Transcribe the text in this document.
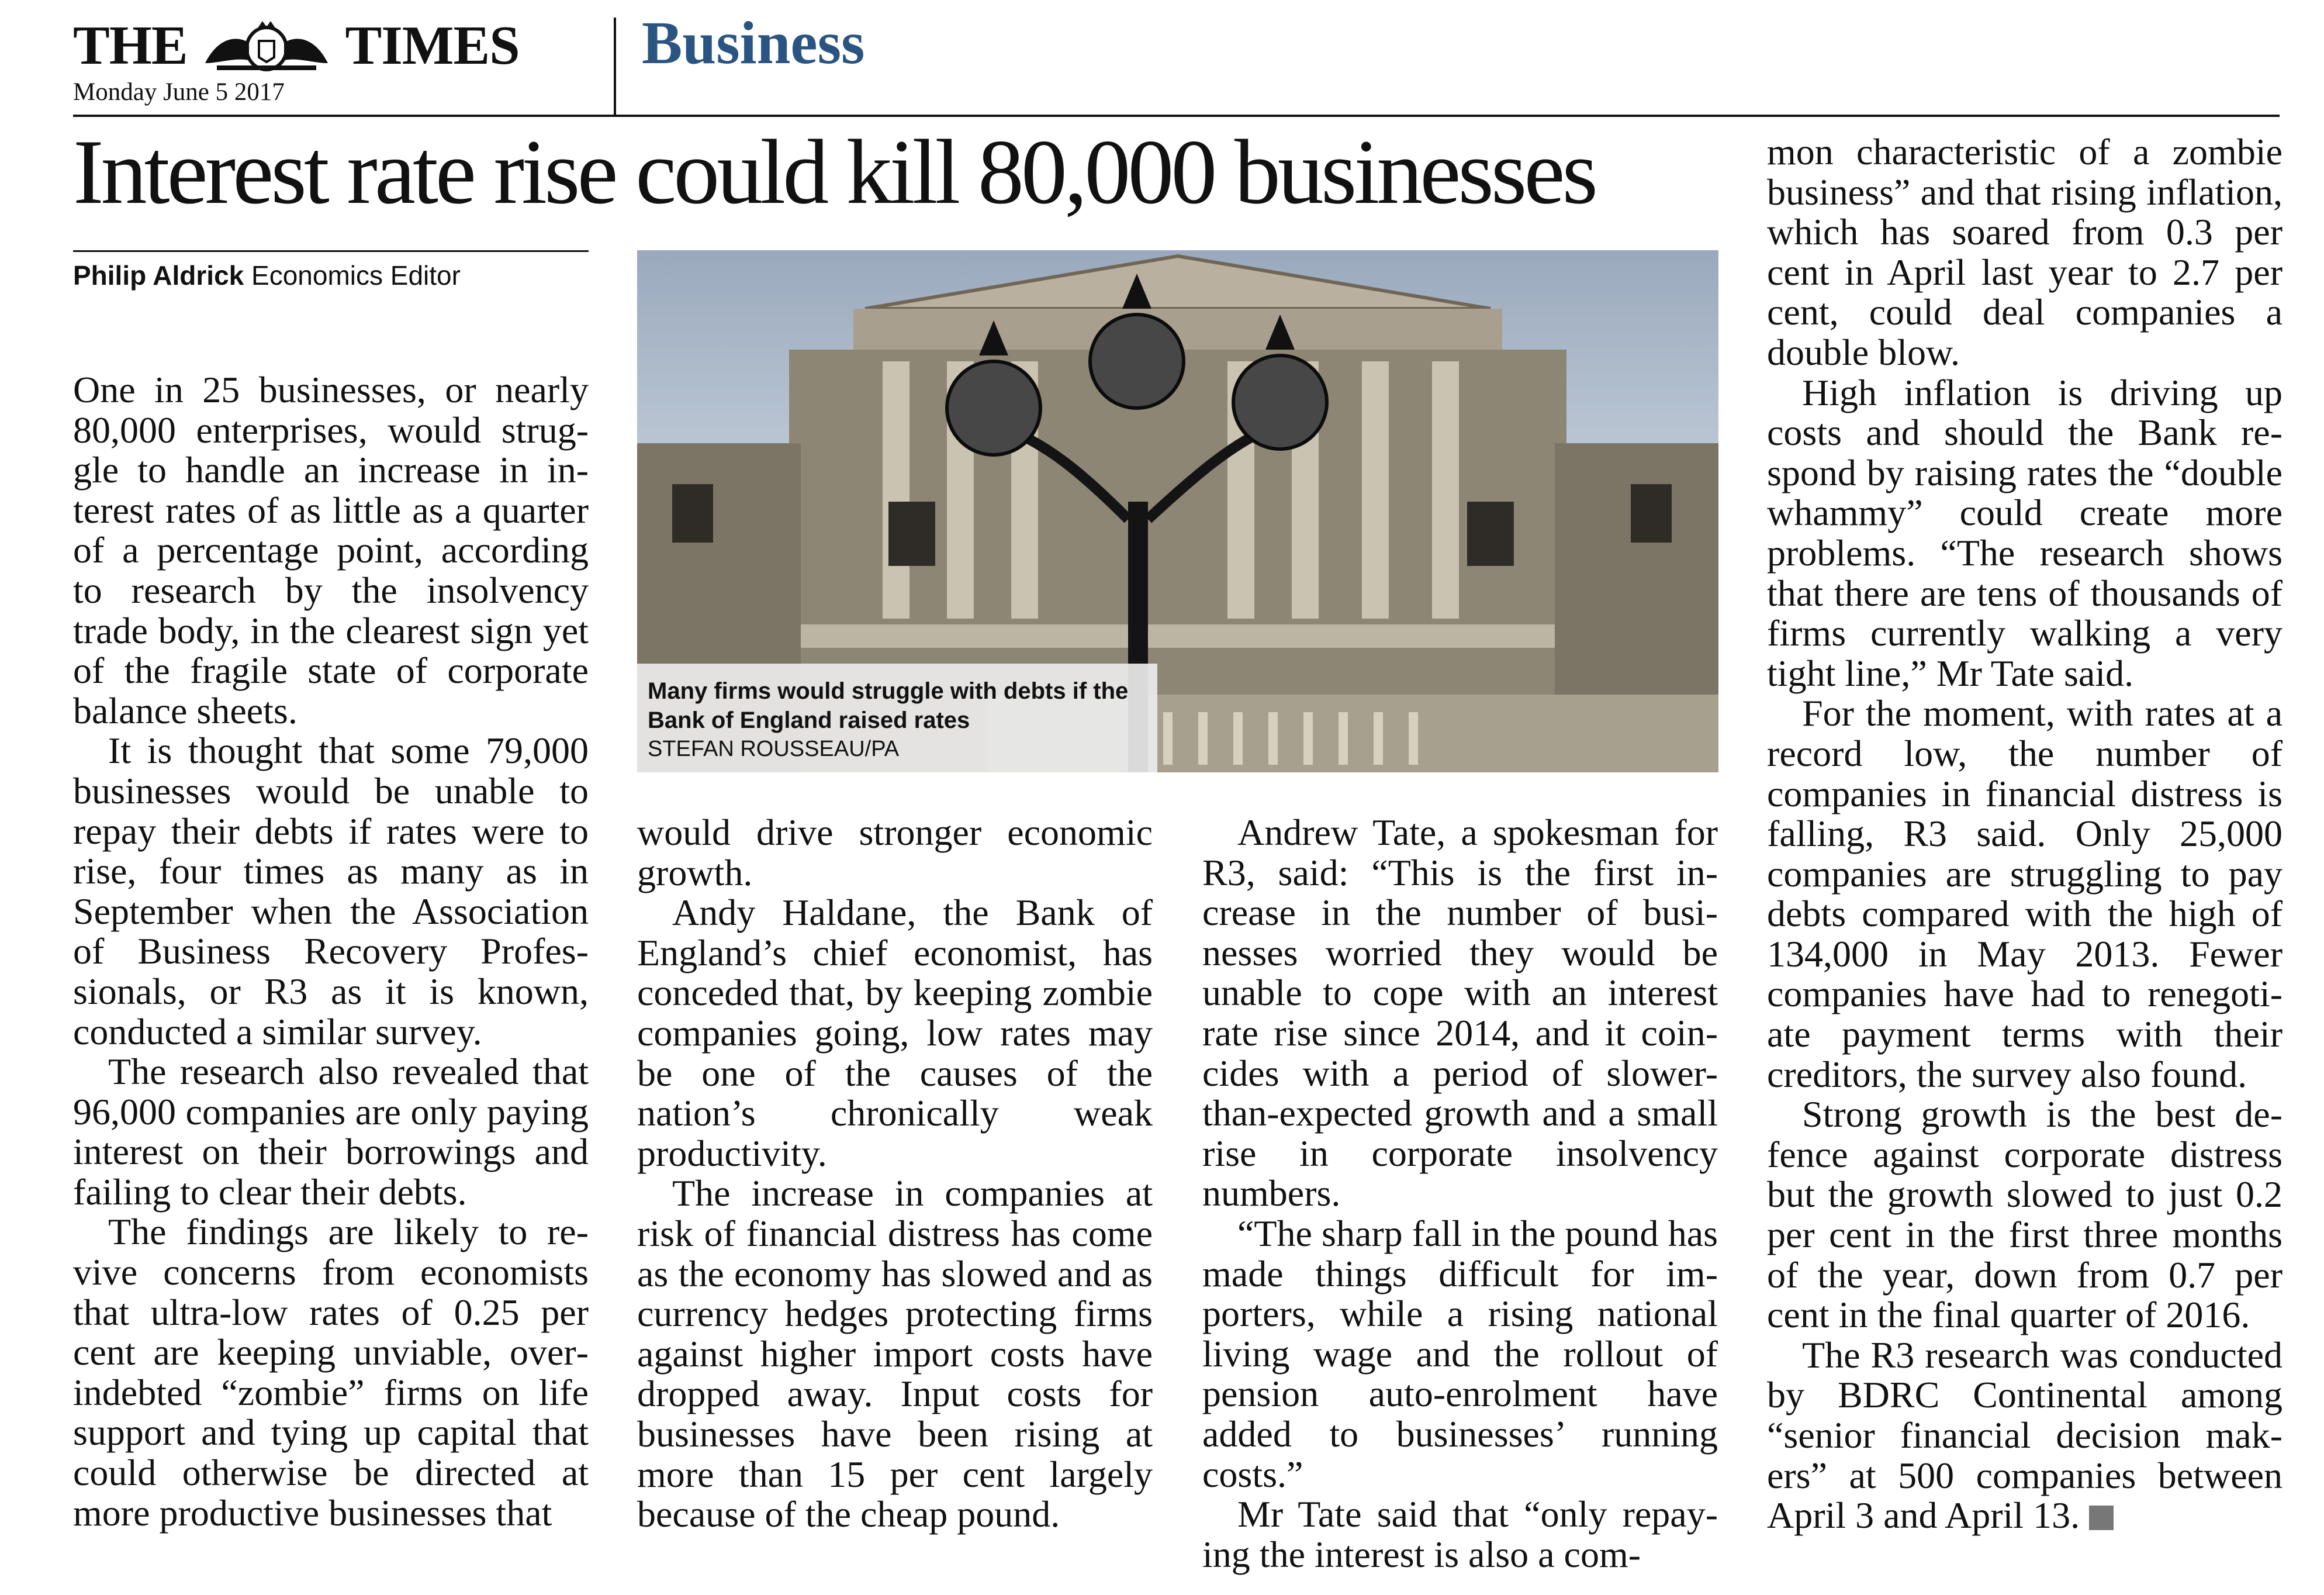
THE	TIMES
Monday June 5 2017
Business
Interest rate rise could kill 80,000 businesses
Philip Aldrick Economics Editor
Many firms would struggle with debts if the Bank of England raised rates
STEFAN ROUSSEAU/PA

One in 25 businesses, or nearly 80,000 enterprises, would struggle to handle an increase in interest rates of as little as a quarter of a percentage point, according to research by the insolvency trade body, in the clearest sign yet of the fragile state of corporate balance sheets.

It is thought that some 79,000 businesses would be unable to repay their debts if rates were to rise, four times as many as in September when the Association of Business Recovery Professionals, or R3 as it is known, conducted a similar survey.

The research also revealed that 96,000 companies are only paying interest on their borrowings and failing to clear their debts.

The findings are likely to revive concerns from economists that ultra-low rates of 0.25 per cent are keeping unviable, overindebted “zombie” firms on life support and tying up capital that could otherwise be directed at more productive businesses that

would drive stronger economic growth.

Andy Haldane, the Bank of England’s chief economist, has conceded that, by keeping zombie companies going, low rates may be one of the causes of the nation’s chronically weak productivity.

The increase in companies at risk of financial distress has come as the economy has slowed and as currency hedges protecting firms against higher import costs have dropped away. Input costs for businesses have been rising at more than 15 per cent largely because of the cheap pound.

Andrew Tate, a spokesman for R3, said: “This is the first increase in the number of businesses worried they would be unable to cope with an interest rate rise since 2014, and it coincides with a period of slower-than-expected growth and a small rise in corporate insolvency numbers.

“The sharp fall in the pound has made things difficult for importers, while a rising national living wage and the rollout of pension auto-enrolment have added to businesses’ running costs.”

Mr Tate said that “only repaying the interest is also a com-

mon characteristic of a zombie business” and that rising inflation, which has soared from 0.3 per cent in April last year to 2.7 per cent, could deal companies a double blow.

High inflation is driving up costs and should the Bank respond by raising rates the “double whammy” could create more problems. “The research shows that there are tens of thousands of firms currently walking a very tight line,” Mr Tate said.

For the moment, with rates at a record low, the number of companies in financial distress is falling, R3 said. Only 25,000 companies are struggling to pay debts compared with the high of 134,000 in May 2013. Fewer companies have had to renegotiate payment terms with their creditors, the survey also found.

Strong growth is the best defence against corporate distress but the growth slowed to just 0.2 per cent in the first three months of the year, down from 0.7 per cent in the final quarter of 2016.

The R3 research was conducted by BDRC Continental among “senior financial decision makers” at 500 companies between April 3 and April 13.
